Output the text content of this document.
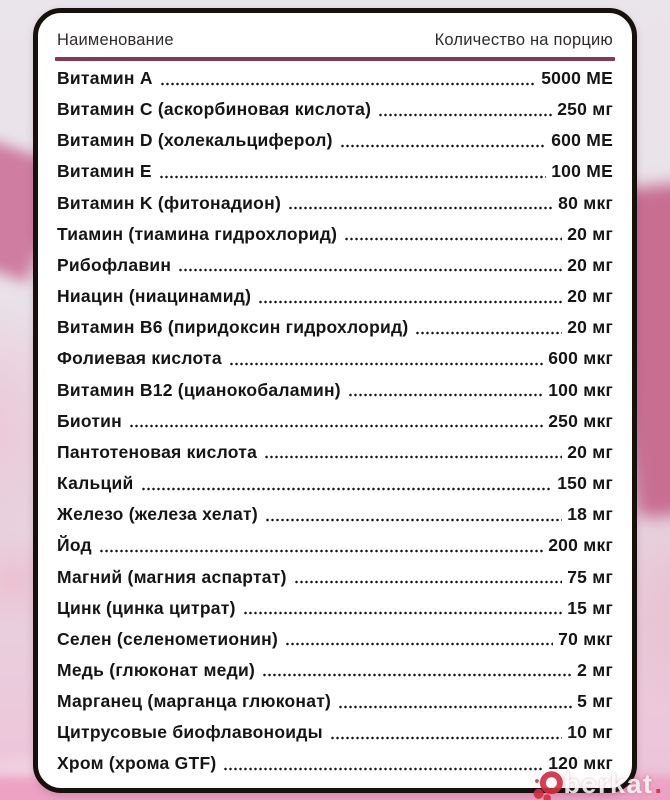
Наименование	Количество на порцию
Витамин A	5000 МЕ
Витамин C (аскорбиновая кислота)	250 мг
Витамин D (холекальциферол)	600 МЕ
Витамин E	100 МЕ
Витамин K (фитонадион)	80 мкг
Тиамин (тиамина гидрохлорид)	20 мг
Рибофлавин	20 мг
Ниацин (ниацинамид)	20 мг
Витамин B6 (пиридоксин гидрохлорид)	20 мг
Фолиевая кислота	600 мкг
Витамин B12 (цианокобаламин)	100 мкг
Биотин	250 мкг
Пантотеновая кислота	20 мг
Кальций	150 мг
Железо (железа хелат)	18 мг
Йод	200 мкг
Магний (магния аспартат)	75 мг
Цинк (цинка цитрат)	15 мг
Селен (селенометионин)	70 мкг
Медь (глюконат меди)	2 мг
Марганец (марганца глюконат)	5 мг
Цитрусовые биофлавоноиды	10 мг
Хром (хрома GTF)	120 мкг
berkat .
